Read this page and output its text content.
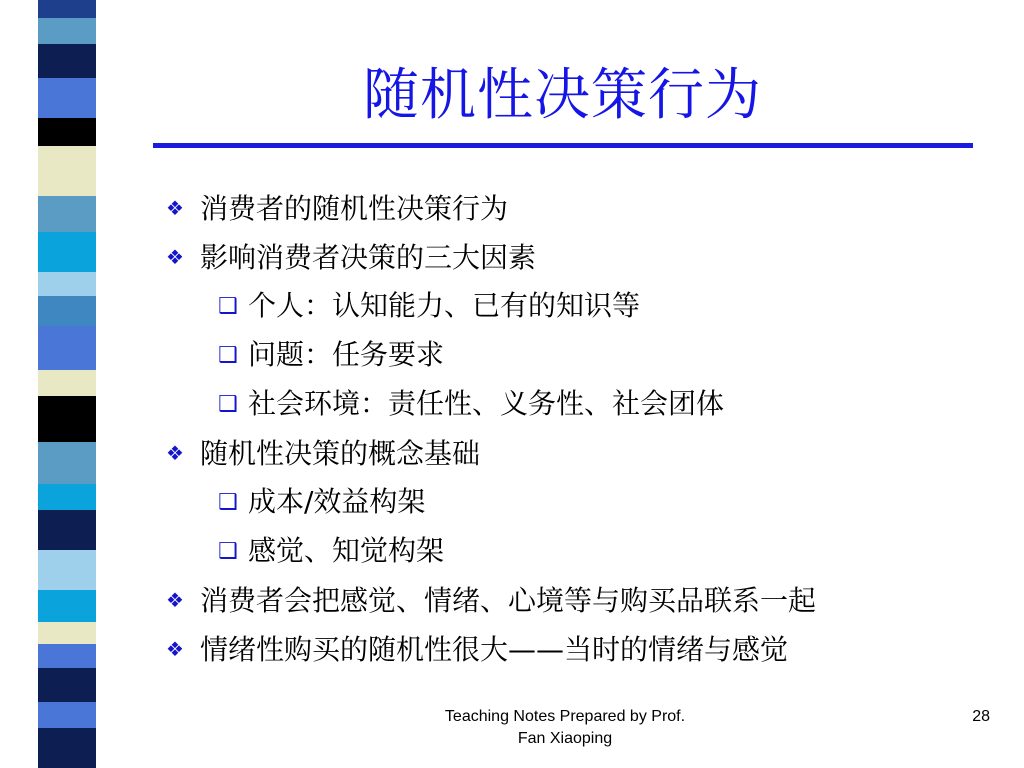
随机性决策行为
❖ 消费者的随机性决策行为
❖ 影响消费者决策的三大因素
❑ 个人：认知能力、已有的知识等
❑ 问题：任务要求
❑ 社会环境：责任性、义务性、社会团体
❖ 随机性决策的概念基础
❑ 成本/效益构架
❑ 感觉、知觉构架
❖ 消费者会把感觉、情绪、心境等与购买品联系一起
❖ 情绪性购买的随机性很大——当时的情绪与感觉
Teaching Notes Prepared by Prof.
Fan Xiaoping
28
